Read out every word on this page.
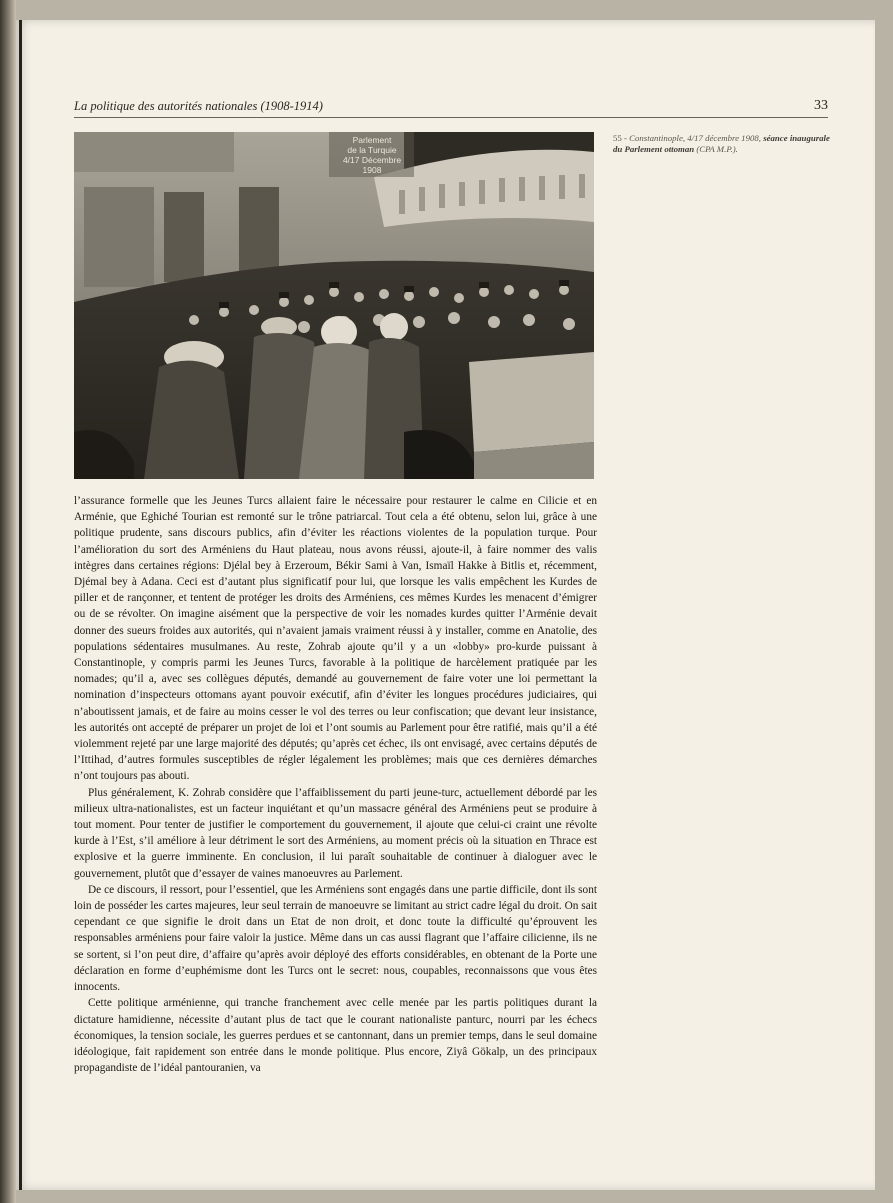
La politique des autorités nationales (1908-1914)	33
Parlement
de la Turquie
4/17 Décembre
1908
55 - Constantinople, 4/17 décembre 1908, séance inaugurale du Parlement ottoman (CPA M.P.).

l’assurance formelle que les Jeunes Turcs allaient faire le nécessaire pour restaurer le calme en Cilicie et en Arménie, que Eghiché Tourian est remonté sur le trône patriarcal. Tout cela a été obtenu, selon lui, grâce à une politique prudente, sans discours publics, afin d’éviter les réactions violentes de la population turque. Pour l’amélioration du sort des Arméniens du Haut plateau, nous avons réussi, ajoute-il, à faire nommer des valis intègres dans certaines régions: Djélal bey à Erzeroum, Békir Sami à Van, Ismaïl Hakke à Bitlis et, récemment, Djémal bey à Adana. Ceci est d’autant plus significatif pour lui, que lorsque les valis empêchent les Kurdes de piller et de rançonner, et tentent de protéger les droits des Arméniens, ces mêmes Kurdes les menacent d’émigrer ou de se révolter. On imagine aisément que la perspective de voir les nomades kurdes quitter l’Arménie devait donner des sueurs froides aux autorités, qui n’avaient jamais vraiment réussi à y installer, comme en Anatolie, des populations sédentaires musulmanes. Au reste, Zohrab ajoute qu’il y a un «lobby» pro-kurde puissant à Constantinople, y compris parmi les Jeunes Turcs, favorable à la politique de harcèlement pratiquée par les nomades; qu’il a, avec ses collègues députés, demandé au gouvernement de faire voter une loi permettant la nomination d’inspecteurs ottomans ayant pouvoir exécutif, afin d’éviter les longues procédures judiciaires, qui n’aboutissent jamais, et de faire au moins cesser le vol des terres ou leur confiscation; que devant leur insistance, les autorités ont accepté de préparer un projet de loi et l’ont soumis au Parlement pour être ratifié, mais qu’il a été violemment rejeté par une large majorité des députés; qu’après cet échec, ils ont envisagé, avec certains députés de l’Ittihad, d’autres formules susceptibles de régler légalement les problèmes; mais que ces dernières démarches n’ont toujours pas abouti.

Plus généralement, K. Zohrab considère que l’affaiblissement du parti jeune-turc, actuellement débordé par les milieux ultra-nationalistes, est un facteur inquiétant et qu’un massacre général des Arméniens peut se produire à tout moment. Pour tenter de justifier le comportement du gouvernement, il ajoute que celui-ci craint une révolte kurde à l’Est, s’il améliore à leur détriment le sort des Arméniens, au moment précis où la situation en Thrace est explosive et la guerre imminente. En conclusion, il lui paraît souhaitable de continuer à dialoguer avec le gouvernement, plutôt que d’essayer de vaines manoeuvres au Parlement.

De ce discours, il ressort, pour l’essentiel, que les Arméniens sont engagés dans une partie difficile, dont ils sont loin de posséder les cartes majeures, leur seul terrain de manoeuvre se limitant au strict cadre légal du droit. On sait cependant ce que signifie le droit dans un Etat de non droit, et donc toute la difficulté qu’éprouvent les responsables arméniens pour faire valoir la justice. Même dans un cas aussi flagrant que l’affaire cilicienne, ils ne se sortent, si l’on peut dire, d’affaire qu’après avoir déployé des efforts considérables, en obtenant de la Porte une déclaration en forme d’euphémisme dont les Turcs ont le secret: nous, coupables, reconnaissons que vous êtes innocents.

Cette politique arménienne, qui tranche franchement avec celle menée par les partis politiques durant la dictature hamidienne, nécessite d’autant plus de tact que le courant nationaliste panturc, nourri par les échecs économiques, la tension sociale, les guerres perdues et se cantonnant, dans un premier temps, dans le seul domaine idéologique, fait rapidement son entrée dans le monde politique. Plus encore, Ziyâ Gökalp, un des principaux propagandiste de l’idéal pantouranien, va
